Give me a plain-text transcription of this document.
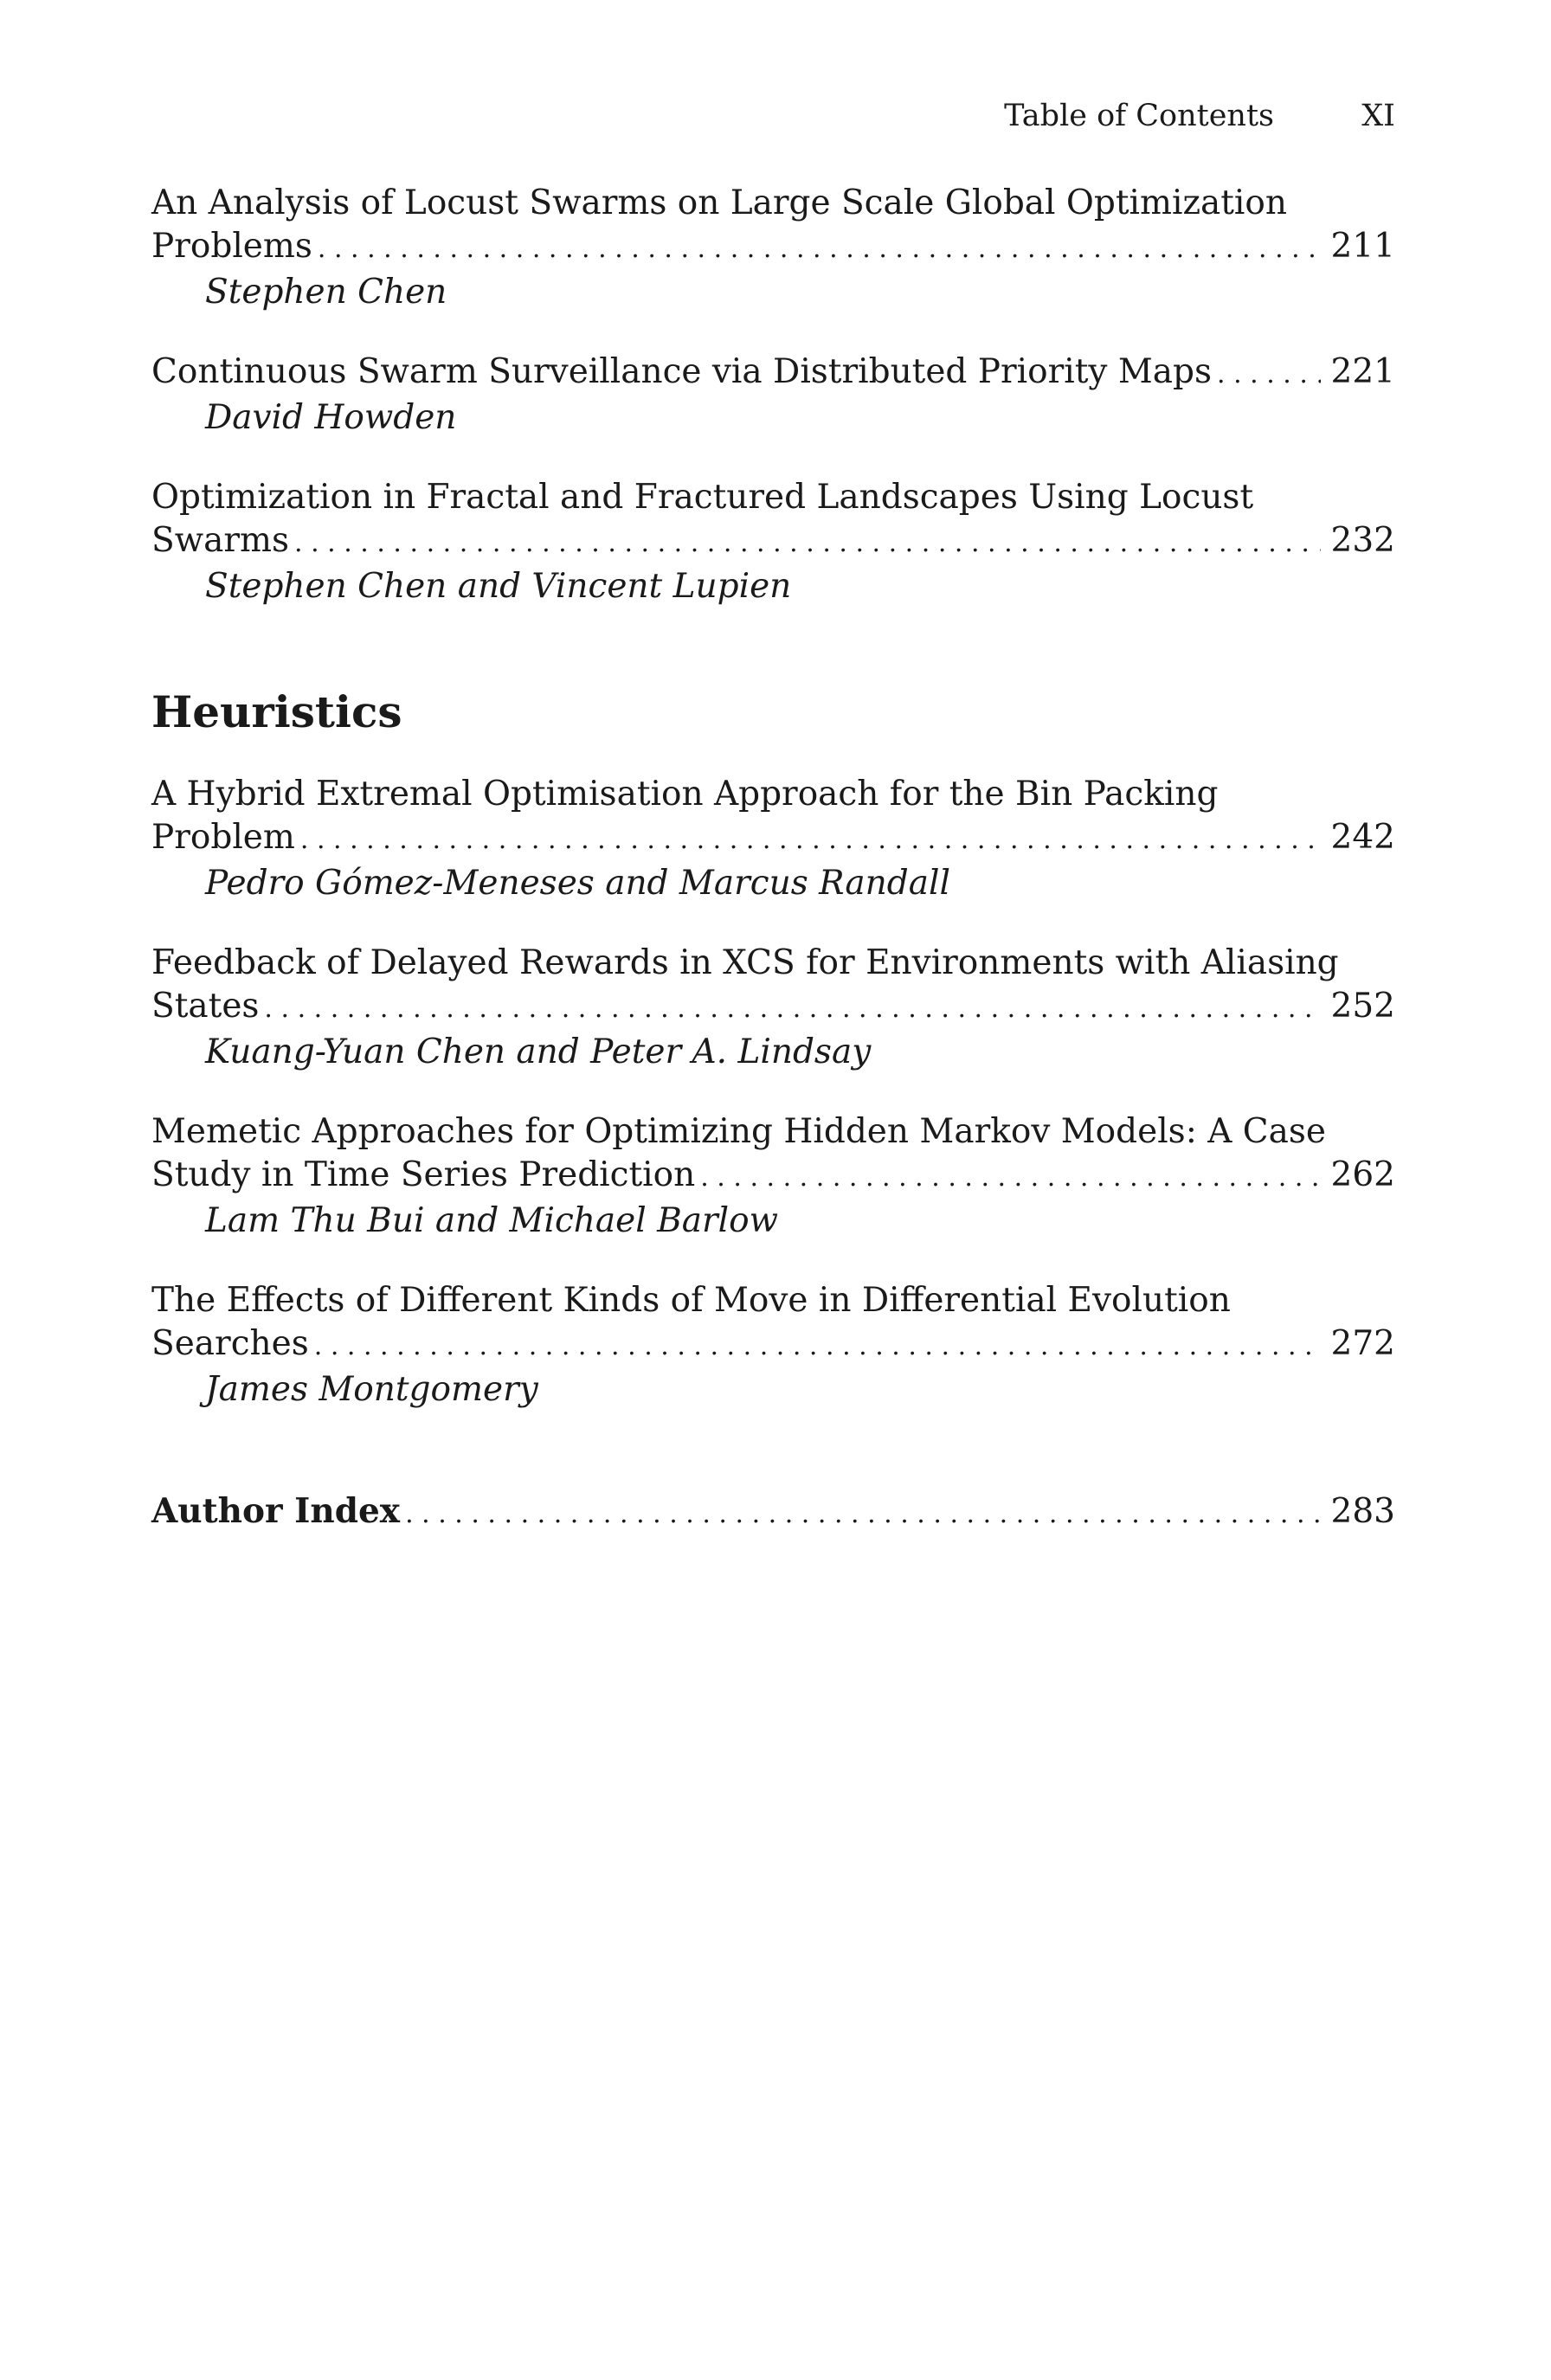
Table of Contents	XI
An Analysis of Locust Swarms on Large Scale Global Optimization
Problems . . .	211
Stephen Chen
Continuous Swarm Surveillance via Distributed Priority Maps . . .	221
David Howden
Optimization in Fractal and Fractured Landscapes Using Locust
Swarms . . .	232
Stephen Chen and Vincent Lupien
Heuristics
A Hybrid Extremal Optimisation Approach for the Bin Packing
Problem . . .	242
Pedro Gómez-Meneses and Marcus Randall
Feedback of Delayed Rewards in XCS for Environments with Aliasing
States . . .	252
Kuang-Yuan Chen and Peter A. Lindsay
Memetic Approaches for Optimizing Hidden Markov Models: A Case
Study in Time Series Prediction . . .	262
Lam Thu Bui and Michael Barlow
The Effects of Different Kinds of Move in Differential Evolution
Searches . . .	272
James Montgomery
Author Index . . .	283
